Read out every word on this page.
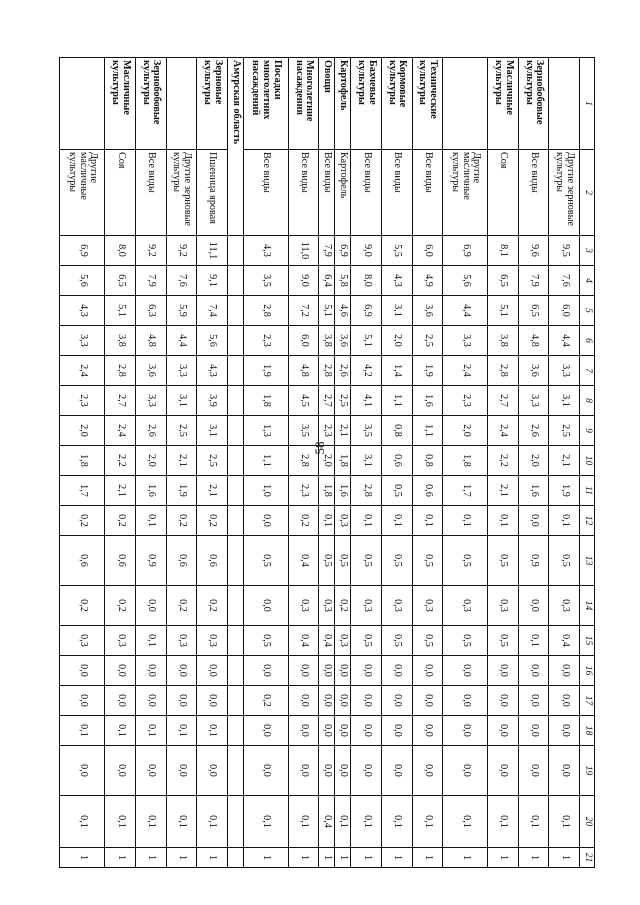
58
1	2	3	4	5	6	7	8	9	10	11	12	13	14	15	16	17	18	19	20	21
	Другие зерновые культуры	9,5	7,6	6,0	4,4	3,3	3,1	2,5	2,1	1,9	0,1	0,5	0,3	0,4	0,0	0,0	0,0	0,0	0,1	1
Зернобобовые культуры	Все виды	9,6	7,9	6,5	4,8	3,6	3,3	2,6	2,0	1,6	0,0	0,9	0,0	0,1	0,0	0,0	0,0	0,0	0,1	1
Масличные культуры	Соя	8,1	6,5	5,1	3,8	2,8	2,7	2,4	2,2	2,1	0,1	0,5	0,3	0,5	0,0	0,0	0,0	0,0	0,1	1
	Другие масличные культуры	6,9	5,6	4,4	3,3	2,4	2,3	2,0	1,8	1,7	0,1	0,5	0,3	0,5	0,0	0,0	0,0	0,0	0,1	1
Технические культуры	Все виды	6,0	4,9	3,6	2,5	1,9	1,6	1,1	0,8	0,6	0,1	0,5	0,3	0,5	0,0	0,0	0,0	0,0	0,1	1
Кормовые культуры	Все виды	5,5	4,3	3,1	2,0	1,4	1,1	0,8	0,6	0,5	0,1	0,5	0,3	0,5	0,0	0,0	0,0	0,0	0,1	1
Бахчевые культуры	Все виды	9,0	8,0	6,9	5,1	4,2	4,1	3,5	3,1	2,8	0,1	0,5	0,3	0,5	0,0	0,0	0,0	0,0	0,1	1
Картофель	Картофель	6,9	5,8	4,6	3,6	2,6	2,5	2,1	1,8	1,6	0,3	0,5	0,2	0,3	0,0	0,0	0,0	0,0	0,1	1
Овощи	Все виды	7,9	6,4	5,1	3,8	2,8	2,7	2,3	2,0	1,8	0,1	0,5	0,3	0,4	0,0	0,0	0,0	0,0	0,4	1
Многолетние насаждения	Все виды	11,0	9,0	7,2	6,0	4,8	4,5	3,5	2,8	2,3	0,2	0,4	0,3	0,4	0,0	0,0	0,0	0,0	0,1	1
Посадки многолетних насаждений	Все виды	4,3	3,5	2,8	2,3	1,9	1,8	1,3	1,1	1,0	0,0	0,5	0,0	0,5	0,0	0,2	0,0	0,0	0,1	1
Амурская область																				
Зерновые культуры	Пшеница яровая	11,1	9,1	7,4	5,6	4,3	3,9	3,1	2,5	2,1	0,2	0,6	0,2	0,3	0,0	0,0	0,1	0,0	0,1	1
	Другие зерновые культуры	9,2	7,6	5,9	4,4	3,3	3,1	2,5	2,1	1,9	0,2	0,6	0,2	0,3	0,0	0,0	0,1	0,0	0,1	1
Зернобобовые культуры	Все виды	9,2	7,9	6,3	4,8	3,6	3,3	2,6	2,0	1,6	0,1	0,9	0,0	0,1	0,0	0,0	0,1	0,0	0,1	1
Масличные культуры	Соя	8,0	6,5	5,1	3,8	2,8	2,7	2,4	2,2	2,1	0,2	0,6	0,2	0,3	0,0	0,0	0,1	0,0	0,1	1
	Другие масличные культуры	6,9	5,6	4,3	3,3	2,4	2,3	2,0	1,8	1,7	0,2	0,6	0,2	0,3	0,0	0,0	0,1	0,0	0,1	1
